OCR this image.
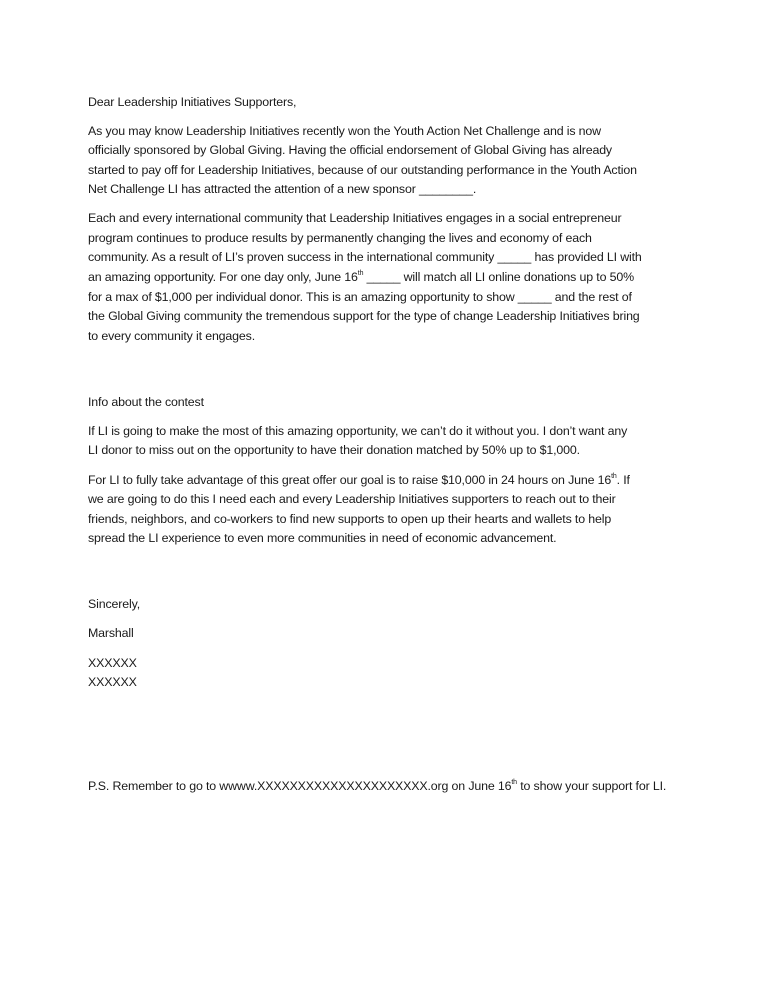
Dear Leadership Initiatives Supporters,
As you may know Leadership Initiatives recently won the Youth Action Net Challenge and is now
officially sponsored by Global Giving. Having the official endorsement of Global Giving has already
started to pay off for Leadership Initiatives, because of our outstanding performance in the Youth Action
Net Challenge LI has attracted the attention of a new sponsor ________.
Each and every international community that Leadership Initiatives engages in a social entrepreneur
program continues to produce results by permanently changing the lives and economy of each
community. As a result of LI’s proven success in the international community _____ has provided LI with
an amazing opportunity. For one day only, June 16th _____ will match all LI online donations up to 50%
for a max of $1,000 per individual donor. This is an amazing opportunity to show _____ and the rest of
the Global Giving community the tremendous support for the type of change Leadership Initiatives bring
to every community it engages.
Info about the contest
If LI is going to make the most of this amazing opportunity, we can’t do it without you. I don’t want any
LI donor to miss out on the opportunity to have their donation matched by 50% up to $1,000.
For LI to fully take advantage of this great offer our goal is to raise $10,000 in 24 hours on June 16th. If
we are going to do this I need each and every Leadership Initiatives supporters to reach out to their
friends, neighbors, and co-workers to find new supports to open up their hearts and wallets to help
spread the LI experience to even more communities in need of economic advancement.
Sincerely,
Marshall
XXXXXX
XXXXXX
P.S. Remember to go to wwww.XXXXXXXXXXXXXXXXXXXXX.org on June 16th to show your support for LI.
